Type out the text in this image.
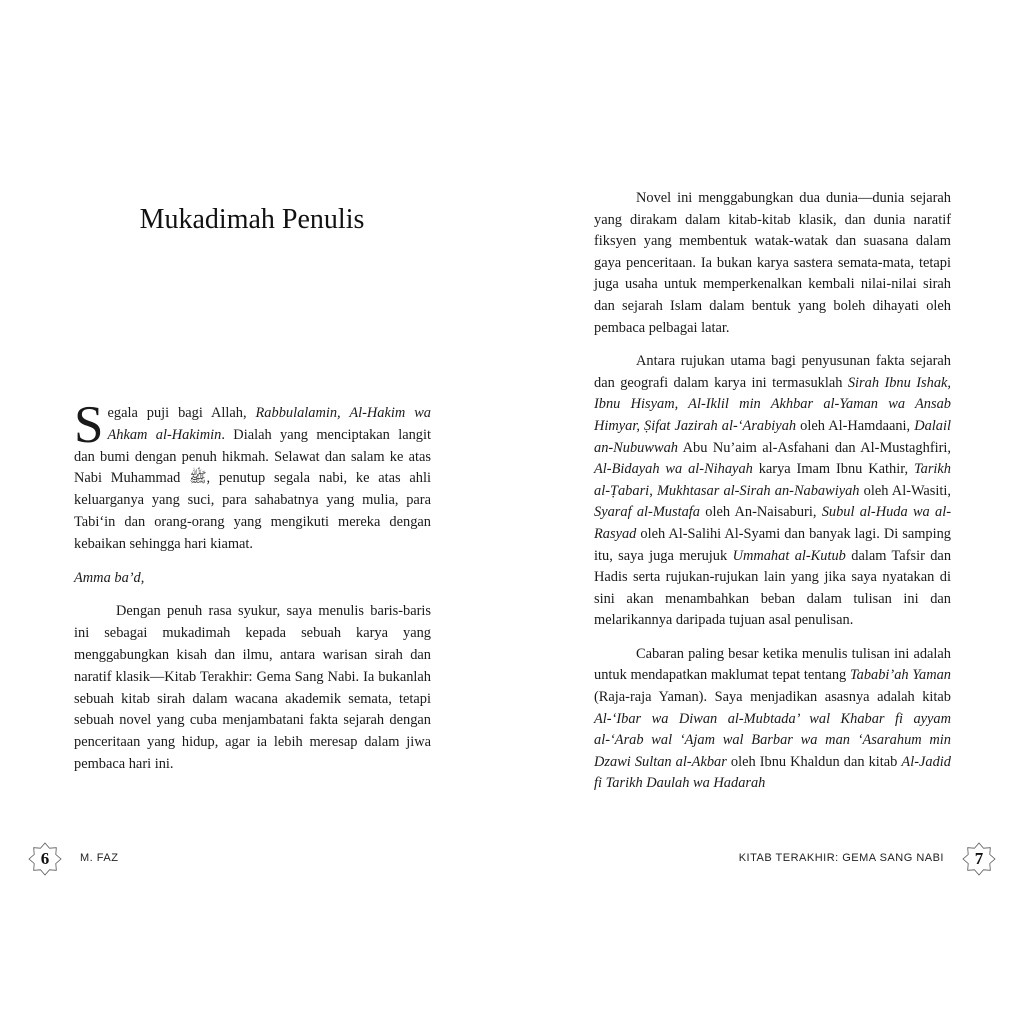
Mukadimah Penulis

Segala puji bagi Allah, Rabbulalamin, Al-Hakim wa Ahkam al-Hakimin. Dialah yang menciptakan langit dan bumi dengan penuh hikmah. Selawat dan salam ke atas Nabi Muhammad ﷺ, penutup segala nabi, ke atas ahli keluarganya yang suci, para sahabatnya yang mulia, para Tabi‘in dan orang-orang yang mengikuti mereka dengan kebaikan sehingga hari kiamat.

Amma ba’d,

Dengan penuh rasa syukur, saya menulis baris-baris ini sebagai mukadimah kepada sebuah karya yang menggabungkan kisah dan ilmu, antara warisan sirah dan naratif klasik—Kitab Terakhir: Gema Sang Nabi. Ia bukanlah sebuah kitab sirah dalam wacana akademik semata, tetapi sebuah novel yang cuba menjambatani fakta sejarah dengan penceritaan yang hidup, agar ia lebih meresap dalam jiwa pembaca hari ini.

6	M. FAZ

Novel ini menggabungkan dua dunia—dunia sejarah yang dirakam dalam kitab-kitab klasik, dan dunia naratif fiksyen yang membentuk watak-watak dan suasana dalam gaya penceritaan. Ia bukan karya sastera semata-mata, tetapi juga usaha untuk memperkenalkan kembali nilai-nilai sirah dan sejarah Islam dalam bentuk yang boleh dihayati oleh pembaca pelbagai latar.

Antara rujukan utama bagi penyusunan fakta sejarah dan geografi dalam karya ini termasuklah Sirah Ibnu Ishak, Ibnu Hisyam, Al-Iklil min Akhbar al-Yaman wa Ansab Himyar, Ṣifat Jazirah al-‘Arabiyah oleh Al-Hamdaani, Dalail an-Nubuwwah Abu Nu’aim al-Asfahani dan Al-Mustaghfiri, Al-Bidayah wa al-Nihayah karya Imam Ibnu Kathir, Tarikh al-Ṭabari, Mukhtasar al-Sirah an-Nabawiyah oleh Al-Wasiti, Syaraf al-Mustafa oleh An-Naisaburi, Subul al-Huda wa al-Rasyad oleh Al-Salihi Al-Syami dan banyak lagi. Di samping itu, saya juga merujuk Ummahat al-Kutub dalam Tafsir dan Hadis serta rujukan-rujukan lain yang jika saya nyatakan di sini akan menambahkan beban dalam tulisan ini dan melarikannya daripada tujuan asal penulisan.

Cabaran paling besar ketika menulis tulisan ini adalah untuk mendapatkan maklumat tepat tentang Tababi’ah Yaman (Raja-raja Yaman). Saya menjadikan asasnya adalah kitab Al-‘Ibar wa Diwan al-Mubtada’ wal Khabar fi ayyam al-‘Arab wal ‘Ajam wal Barbar wa man ‘Asarahum min Dzawi Sultan al-Akbar oleh Ibnu Khaldun dan kitab Al-Jadid fi Tarikh Daulah wa Hadarah

KITAB TERAKHIR: GEMA SANG NABI	7
